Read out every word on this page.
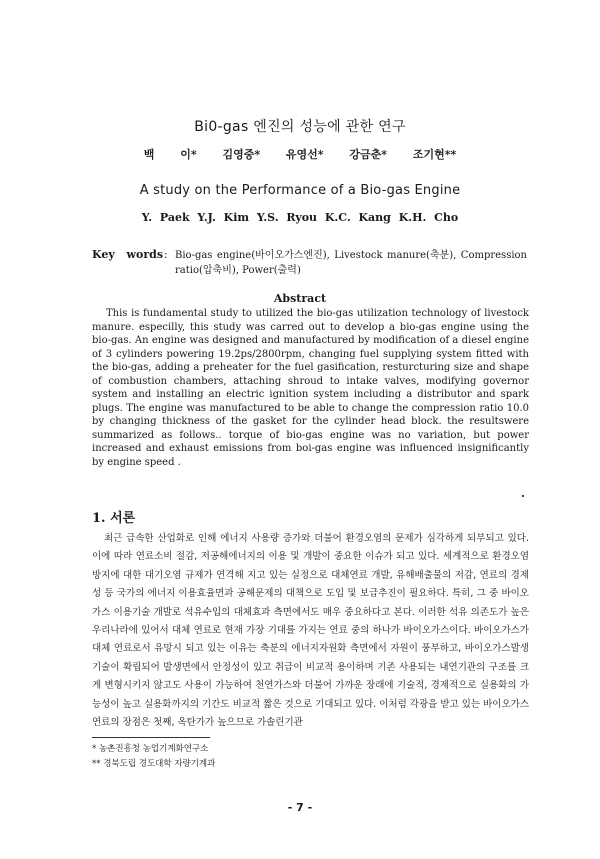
Bi0-gas 엔진의 성능에 관한 연구
백 이* 김영중* 유영선* 강금춘* 조기현**
A study on the Performance of a Bio-gas Engine
Y. Paek Y.J. Kim Y.S. Ryou K.C. Kang K.H. Cho
Key words : Bio-gas engine(바이오가스엔진), Livestock manure(축분), Compression ratio(압축비), Power(출력)
Abstract

This is fundamental study to utilized the bio-gas utilization technology of livestock manure. especilly, this study was carred out to develop a bio-gas engine using the bio-gas. An engine was designed and manufactured by modification of a diesel engine of 3 cylinders powering 19.2ps/2800rpm, changing fuel supplying system fitted with the bio-gas, adding a preheater for the fuel gasification, resturcturing size and shape of combustion chambers, attaching shroud to intake valves, modifying governor system and installing an electric ignition system including a distributor and spark plugs. The engine was manufactured to be able to change the compression ratio 10.0 by changing thickness of the gasket for the cylinder head block. the resultswere summarized as follows.. torque of bio-gas engine was no variation, but power increased and exhaust emissions from boi-gas engine was influenced insignificantly by engine speed .

.
1. 서론

최근 급속한 산업화로 인해 에너지 사용량 증가와 더불어 환경오염의 문제가 심각하게 되부되고 있다. 이에 따라 연료소비 절감, 저공해에너지의 이용 및 개발이 중요한 이슈가 되고 있다. 세계적으로 환경오염 방지에 대한 대기오염 규제가 연격해 지고 있는 실정으로 대체연료 개발, 유해배출물의 저감, 연료의 경제성 등 국가의 에너지 이용효율면과 공해문제의 대책으로 도입 및 보급추진이 필요하다. 특히, 그 중 바이오가스 이용기술 개발로 석유수입의 대체효과 측면에서도 매우 중요하다고 본다. 이러한 석유 의존도가 높은 우리나라에 있어서 대체 연료로 현재 가장 기대를 가지는 연료 중의 하나가 바이오가스이다. 바이오가스가 대체 연료로서 유망시 되고 있는 이유는 축분의 에너지자원화 측면에서 자원이 풍부하고, 바이오가스발생 기술이 확립되어 발생면에서 안정성이 있고 취급이 비교적 용이하며 기존 사용되는 내연기관의 구조를 크게 변형시키지 않고도 사용이 가능하여 천연가스와 더불어 가까운 장래에 기술적, 경제적으로 실용화의 가능성이 높고 실용화까지의 기간도 비교적 짧은 것으로 기대되고 있다. 이처럼 각광을 받고 있는 바이오가스 연료의 장점은 첫째, 옥탄가가 높으므로 가솔린기관

* 농촌진흥청 농업기계화연구소
** 경북도립 경도대학 자량기계과
- 7 -
